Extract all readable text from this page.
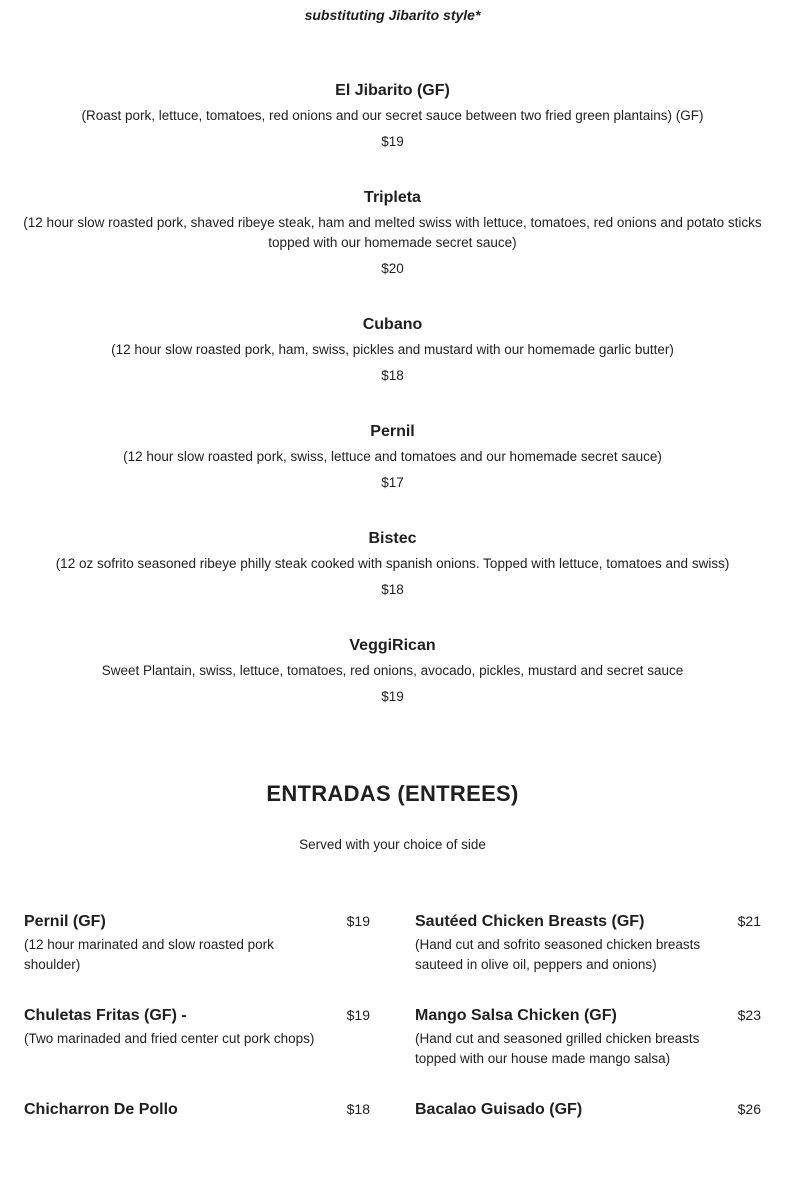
substituting Jibarito style*
El Jibarito (GF)
(Roast pork, lettuce, tomatoes, red onions and our secret sauce between two fried green plantains) (GF)
$19
Tripleta
(12 hour slow roasted pork, shaved ribeye steak, ham and melted swiss with lettuce, tomatoes, red onions and potato sticks topped with our homemade secret sauce)
$20
Cubano
(12 hour slow roasted pork, ham, swiss, pickles and mustard with our homemade garlic butter)
$18
Pernil
(12 hour slow roasted pork, swiss, lettuce and tomatoes and our homemade secret sauce)
$17
Bistec
(12 oz sofrito seasoned ribeye philly steak cooked with spanish onions. Topped with lettuce, tomatoes and swiss)
$18
VeggiRican
Sweet Plantain, swiss, lettuce, tomatoes, red onions, avocado, pickles, mustard and secret sauce
$19
ENTRADAS (ENTREES)
Served with your choice of side
Pernil (GF)	$19
(12 hour marinated and slow roasted pork shoulder)
Sautéed Chicken Breasts (GF)	$21
(Hand cut and sofrito seasoned chicken breasts sauteed in olive oil, peppers and onions)
Chuletas Fritas (GF) -	$19
(Two marinaded and fried center cut pork chops)
Mango Salsa Chicken (GF)	$23
(Hand cut and seasoned grilled chicken breasts topped with our house made mango salsa)
Chicharron De Pollo	$18	Bacalao Guisado (GF)	$26
